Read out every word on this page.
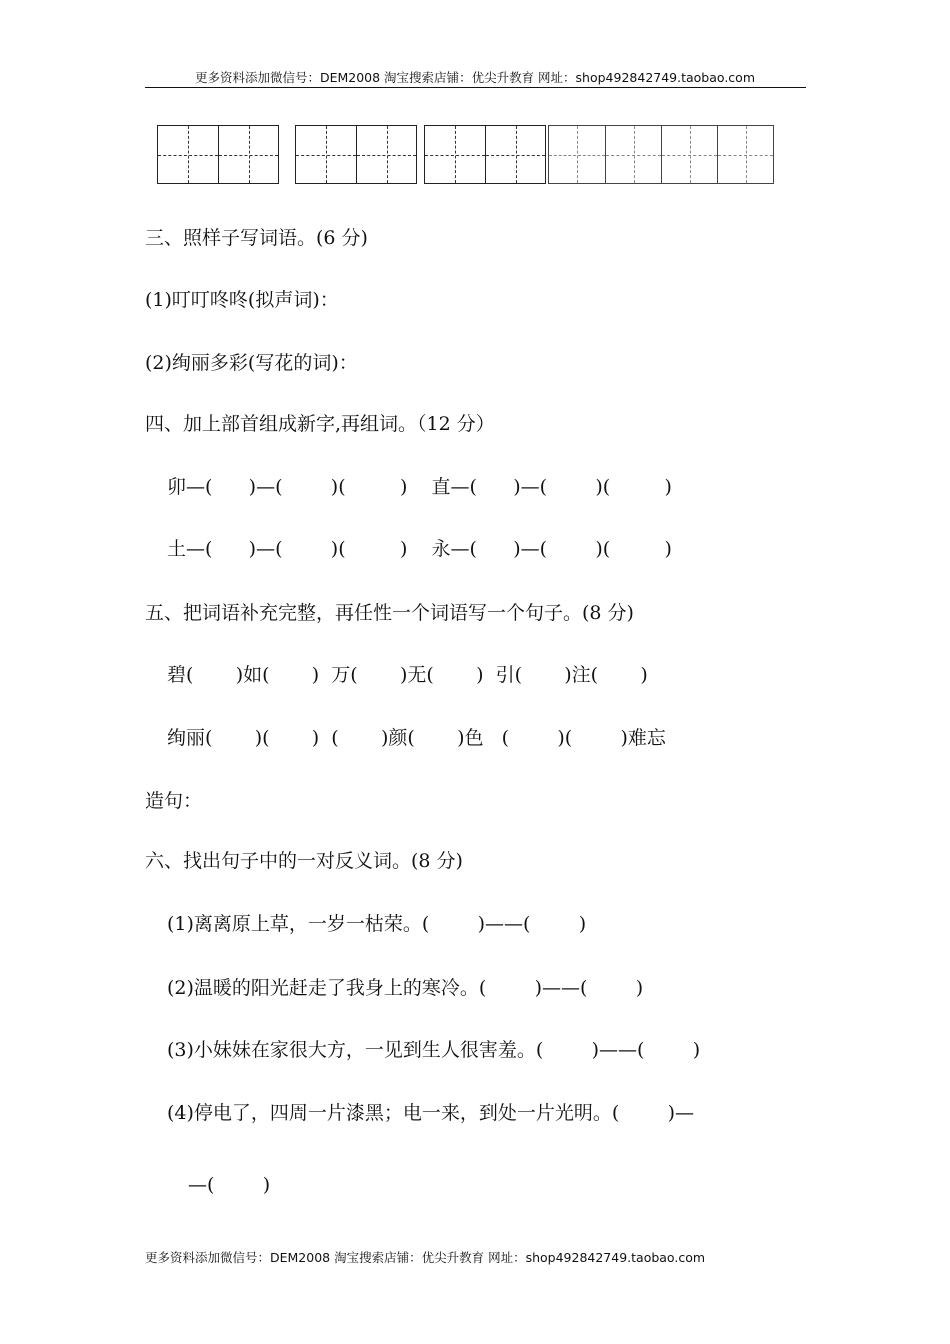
更多资料添加微信号：DEM2008 淘宝搜索店铺：优尖升教育 网址：shop492842749.taobao.com
三、照样子写词语。(6 分)
(1)叮叮咚咚(拟声词)：
(2)绚丽多彩(写花的词)：
四、加上部首组成新字,再组词。（12 分）
卯—(      )—(        )(         )    直—(      )—(        )(         )
土—(      )—(        )(         )    永—(      )—(        )(         )
五、把词语补充完整，再任性一个词语写一个句子。(8 分)
碧(       )如(       )  万(       )无(       )  引(       )注(       )
绚丽(       )(       )  (       )颜(       )色   (        )(        )难忘
造句：
六、找出句子中的一对反义词。(8 分)
(1)离离原上草，一岁一枯荣。(        )——(        )
(2)温暖的阳光赶走了我身上的寒冷。(        )——(        )
(3)小妹妹在家很大方，一见到生人很害羞。(        )——(        )
(4)停电了，四周一片漆黑；电一来，到处一片光明。(        )—
—(        )
更多资料添加微信号：DEM2008 淘宝搜索店铺：优尖升教育 网址：shop492842749.taobao.com
